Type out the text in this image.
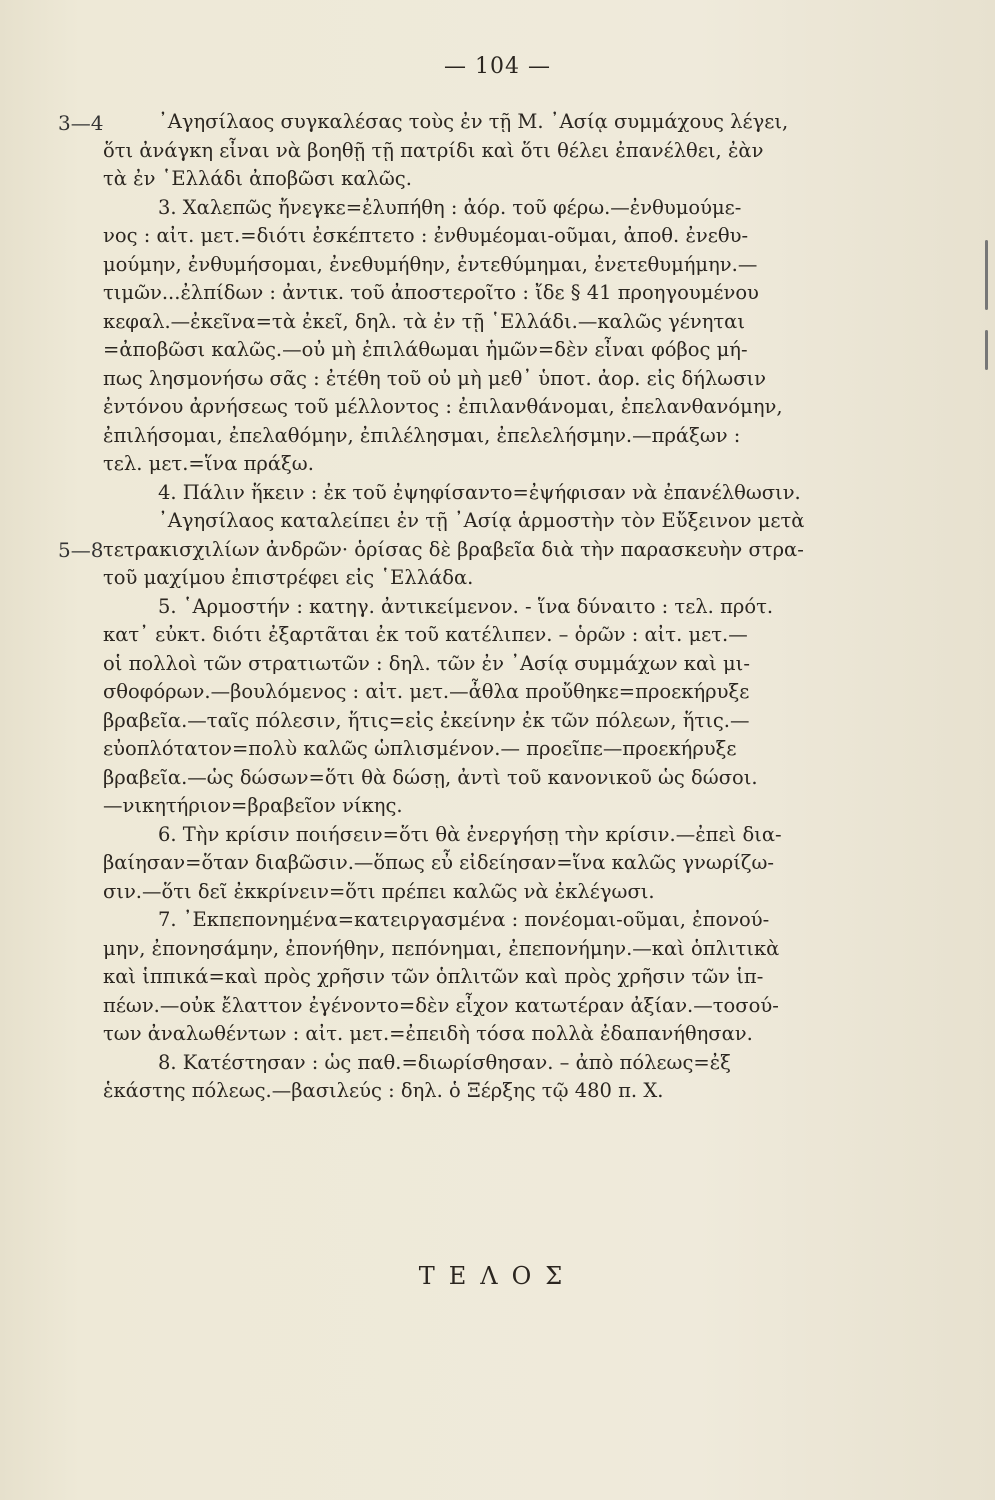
— 104 —
3—4
5—8
᾿Αγησίλαος συγκαλέσας τοὺς ἐν τῇ Μ. ᾿Ασίᾳ συμμάχους λέγει,
ὅτι ἀνάγκη εἶναι νὰ βοηθῇ τῇ πατρίδι καὶ ὅτι θέλει ἐπανέλθει, ἐὰν
τὰ ἐν ῾Ελλάδι ἀποβῶσι καλῶς.
3. Χαλεπῶς ἤνεγκε=ἐλυπήθη : ἀόρ. τοῦ φέρω.—ἐνθυμούμε-
νος : αἰτ. μετ.=διότι ἐσκέπτετο : ἐνθυμέομαι-οῦμαι, ἀποθ. ἐνεθυ-
μούμην, ἐνθυμήσομαι, ἐνεθυμήθην, ἐντεθύμημαι, ἐνετεθυμήμην.—
τιμῶν...ἐλπίδων : ἀντικ. τοῦ ἀποστεροῖτο : ἴδε § 41 προηγουμένου
κεφαλ.—ἐκεῖνα=τὰ ἐκεῖ, δηλ. τὰ ἐν τῇ ῾Ελλάδι.—καλῶς γένηται
=ἀποβῶσι καλῶς.—οὐ μὴ ἐπιλάθωμαι ἡμῶν=δὲν εἶναι φόβος μή-
πως λησμονήσω σᾶς : ἐτέθη τοῦ οὐ μὴ μεθ᾿ ὑποτ. ἀορ. εἰς δήλωσιν
ἐντόνου ἀρνήσεως τοῦ μέλλοντος : ἐπιλανθάνομαι, ἐπελανθανόμην,
ἐπιλήσομαι, ἐπελαθόμην, ἐπιλέλησμαι, ἐπελελήσμην.—πράξων :
τελ. μετ.=ἵνα πράξω.
4. Πάλιν ἥκειν : ἐκ τοῦ ἐψηφίσαντο=ἐψήφισαν νὰ ἐπανέλθωσιν.
᾿Αγησίλαος καταλείπει ἐν τῇ ᾿Ασίᾳ ἁρμοστὴν τὸν Εὔξεινον μετὰ
τετρακισχιλίων ἀνδρῶν· ὁρίσας δὲ βραβεῖα διὰ τὴν παρασκευὴν στρα-
τοῦ μαχίμου ἐπιστρέφει εἰς ῾Ελλάδα.
5. ῾Αρμοστήν : κατηγ. ἀντικείμενον. - ἵνα δύναιτο : τελ. πρότ.
κατ᾿ εὐκτ. διότι ἐξαρτᾶται ἐκ τοῦ κατέλιπεν. – ὁρῶν : αἰτ. μετ.—
οἱ πολλοὶ τῶν στρατιωτῶν : δηλ. τῶν ἐν ᾿Ασίᾳ συμμάχων καὶ μι-
σθοφόρων.—βουλόμενος : αἰτ. μετ.—ἆθλα προὔθηκε=προεκήρυξε
βραβεῖα.—ταῖς πόλεσιν, ἥτις=εἰς ἐκείνην ἐκ τῶν πόλεων, ἥτις.—
εὐοπλότατον=πολὺ καλῶς ὡπλισμένον.— προεῖπε—προεκήρυξε
βραβεῖα.—ὡς δώσων=ὅτι θὰ δώσῃ, ἀντὶ τοῦ κανονικοῦ ὡς δώσοι.
—νικητήριον=βραβεῖον νίκης.
6. Τὴν κρίσιν ποιήσειν=ὅτι θὰ ἐνεργήσῃ τὴν κρίσιν.—ἐπεὶ δια-
βαίησαν=ὅταν διαβῶσιν.—ὅπως εὖ εἰδείησαν=ἵνα καλῶς γνωρίζω-
σιν.—ὅτι δεῖ ἐκκρίνειν=ὅτι πρέπει καλῶς νὰ ἐκλέγωσι.
7. ᾿Εκπεπονημένα=κατειργασμένα : πονέομαι-οῦμαι, ἐπονού-
μην, ἐπονησάμην, ἐπονήθην, πεπόνημαι, ἐπεπονήμην.—καὶ ὁπλιτικὰ
καὶ ἱππικά=καὶ πρὸς χρῆσιν τῶν ὁπλιτῶν καὶ πρὸς χρῆσιν τῶν ἱπ-
πέων.—οὐκ ἔλαττον ἐγένοντο=δὲν εἶχον κατωτέραν ἀξίαν.—τοσού-
των ἀναλωθέντων : αἰτ. μετ.=ἐπειδὴ τόσα πολλὰ ἐδαπανήθησαν.
8. Κατέστησαν : ὡς παθ.=διωρίσθησαν. – ἀπὸ πόλεως=ἐξ
ἑκάστης πόλεως.—βασιλεύς : δηλ. ὁ Ξέρξης τῷ 480 π. Χ.
ΤΕΛΟΣ
